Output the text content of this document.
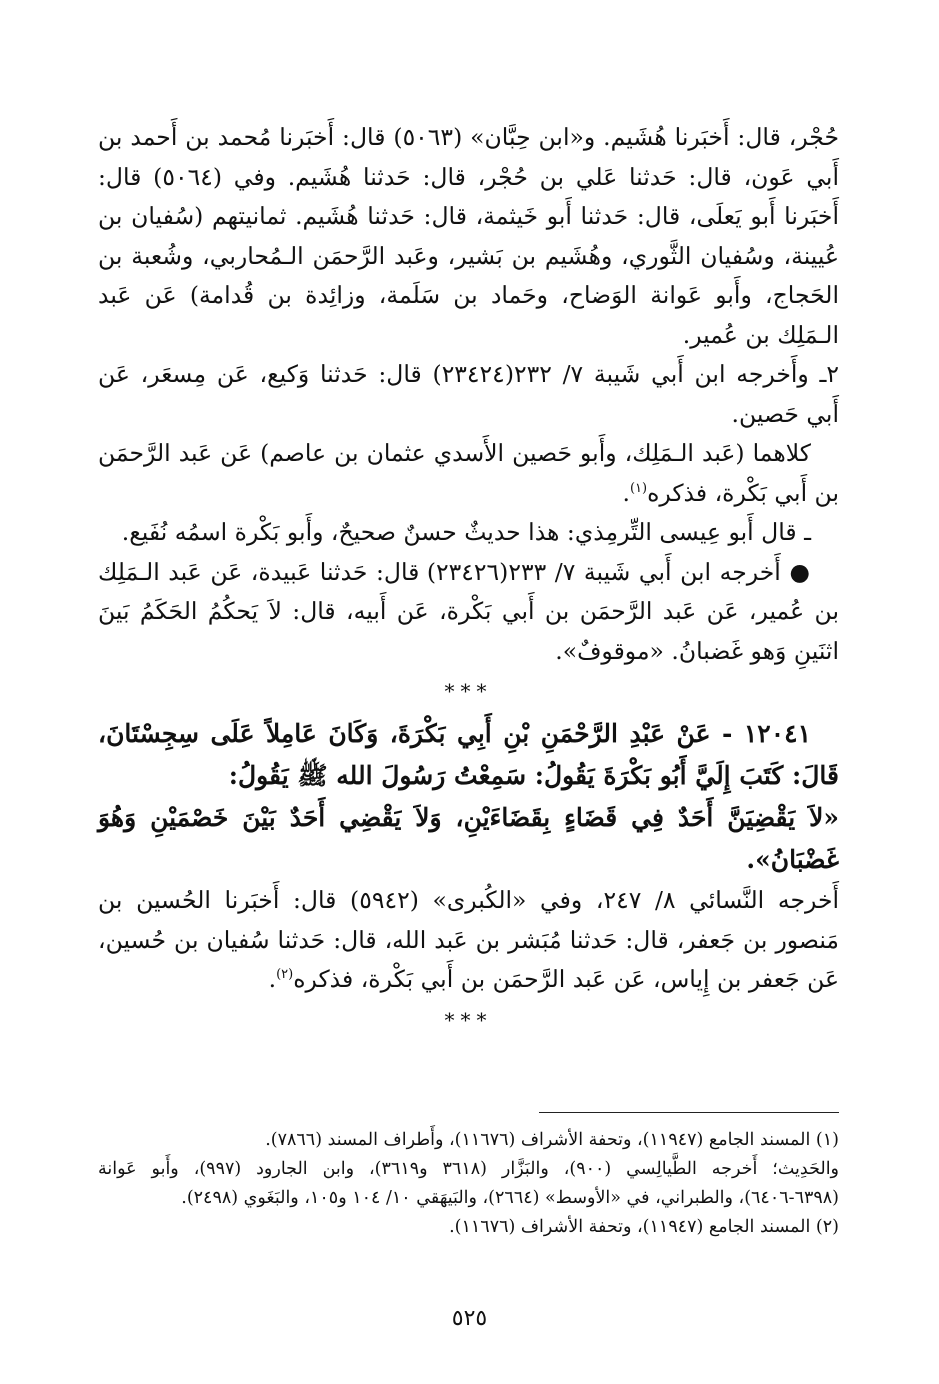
حُجْر، قال: أَخبَرنا هُشَيم. و«ابن حِبَّان» (٥٠٦٣) قال: أَخبَرنا مُحمد بن أَحمد بن أَبي عَون، قال: حَدثنا عَلي بن حُجْر، قال: حَدثنا هُشَيم. وفي (٥٠٦٤) قال: أَخبَرنا أَبو يَعلَى، قال: حَدثنا أَبو خَيثمة، قال: حَدثنا هُشَيم. ثمانيتهم (سُفيان بن عُيينة، وسُفيان الثَّوري، وهُشَيم بن بَشير، وعَبد الرَّحمَن الـمُحاربي، وشُعبة بن الحَجاج، وأَبو عَوانة الوَضاح، وحَماد بن سَلَمة، وزائِدة بن قُدامة) عَن عَبد الـمَلِك بن عُمير.

٢ـ وأَخرجه ابن أَبي شَيبة ٧/ ٢٣٢(٢٣٤٢٤) قال: حَدثنا وَكيع، عَن مِسعَر، عَن أَبي حَصين.

كلاهما (عَبد الـمَلِك، وأَبو حَصين الأَسدي عثمان بن عاصم) عَن عَبد الرَّحمَن بن أَبي بَكْرة، فذكره$^{(١)}$.

ـ قال أَبو عِيسى التِّرمِذي: هذا حديثٌ حسنٌ صحيحٌ، وأَبو بَكْرة اسمُه نُفَيع.

● أَخرجه ابن أَبي شَيبة ٧/ ٢٣٣(٢٣٤٢٦) قال: حَدثنا عَبيدة، عَن عَبد الـمَلِك بن عُمير، عَن عَبد الرَّحمَن بن أَبي بَكْرة، عَن أَبيه، قال: لاَ يَحكُمُ الحَكَمُ بَينَ اثنَينِ وَهو غَضبانُ. «موقوفٌ».

***

١٢٠٤١ - عَنْ عَبْدِ الرَّحْمَنِ بْنِ أَبِي بَكْرَةَ، وَكَانَ عَامِلاً عَلَى سِجِسْتَانَ، قَالَ: كَتَبَ إِلَيَّ أَبُو بَكْرَةَ يَقُولُ: سَمِعْتُ رَسُولَ الله ﷺ يَقُولُ:

«لاَ يَقْضِيَنَّ أَحَدٌ فِي قَضَاءٍ بِقَضَاءَيْنِ، وَلاَ يَقْضِي أَحَدٌ بَيْنَ خَصْمَيْنِ وَهُوَ غَضْبَانُ».

أَخرجه النَّسائي ٨/ ٢٤٧، وفي «الكُبرى» (٥٩٤٢) قال: أَخبَرنا الحُسين بن مَنصور بن جَعفر، قال: حَدثنا مُبَشر بن عَبد الله، قال: حَدثنا سُفيان بن حُسين، عَن جَعفر بن إِياس، عَن عَبد الرَّحمَن بن أَبي بَكْرة، فذكره$^{(٢)}$.

***

(١) المسند الجامع (١١٩٤٧)، وتحفة الأشراف (١١٦٧٦)، وأَطراف المسند (٧٨٦٦).

والحَدِيث؛ أَخرجه الطَّيالِسي (٩٠٠)، والبَزَّار (٣٦١٨ و٣٦١٩)، وابن الجارود (٩٩٧)، وأَبو عَوانة (٦٣٩٨-٦٤٠٦)، والطبراني، في «الأوسط» (٢٦٦٤)، والبَيهَقي ١٠/ ١٠٤ و١٠٥، والبَغَوي (٢٤٩٨).

(٢) المسند الجامع (١١٩٤٧)، وتحفة الأشراف (١١٦٧٦).

٥٢٥
